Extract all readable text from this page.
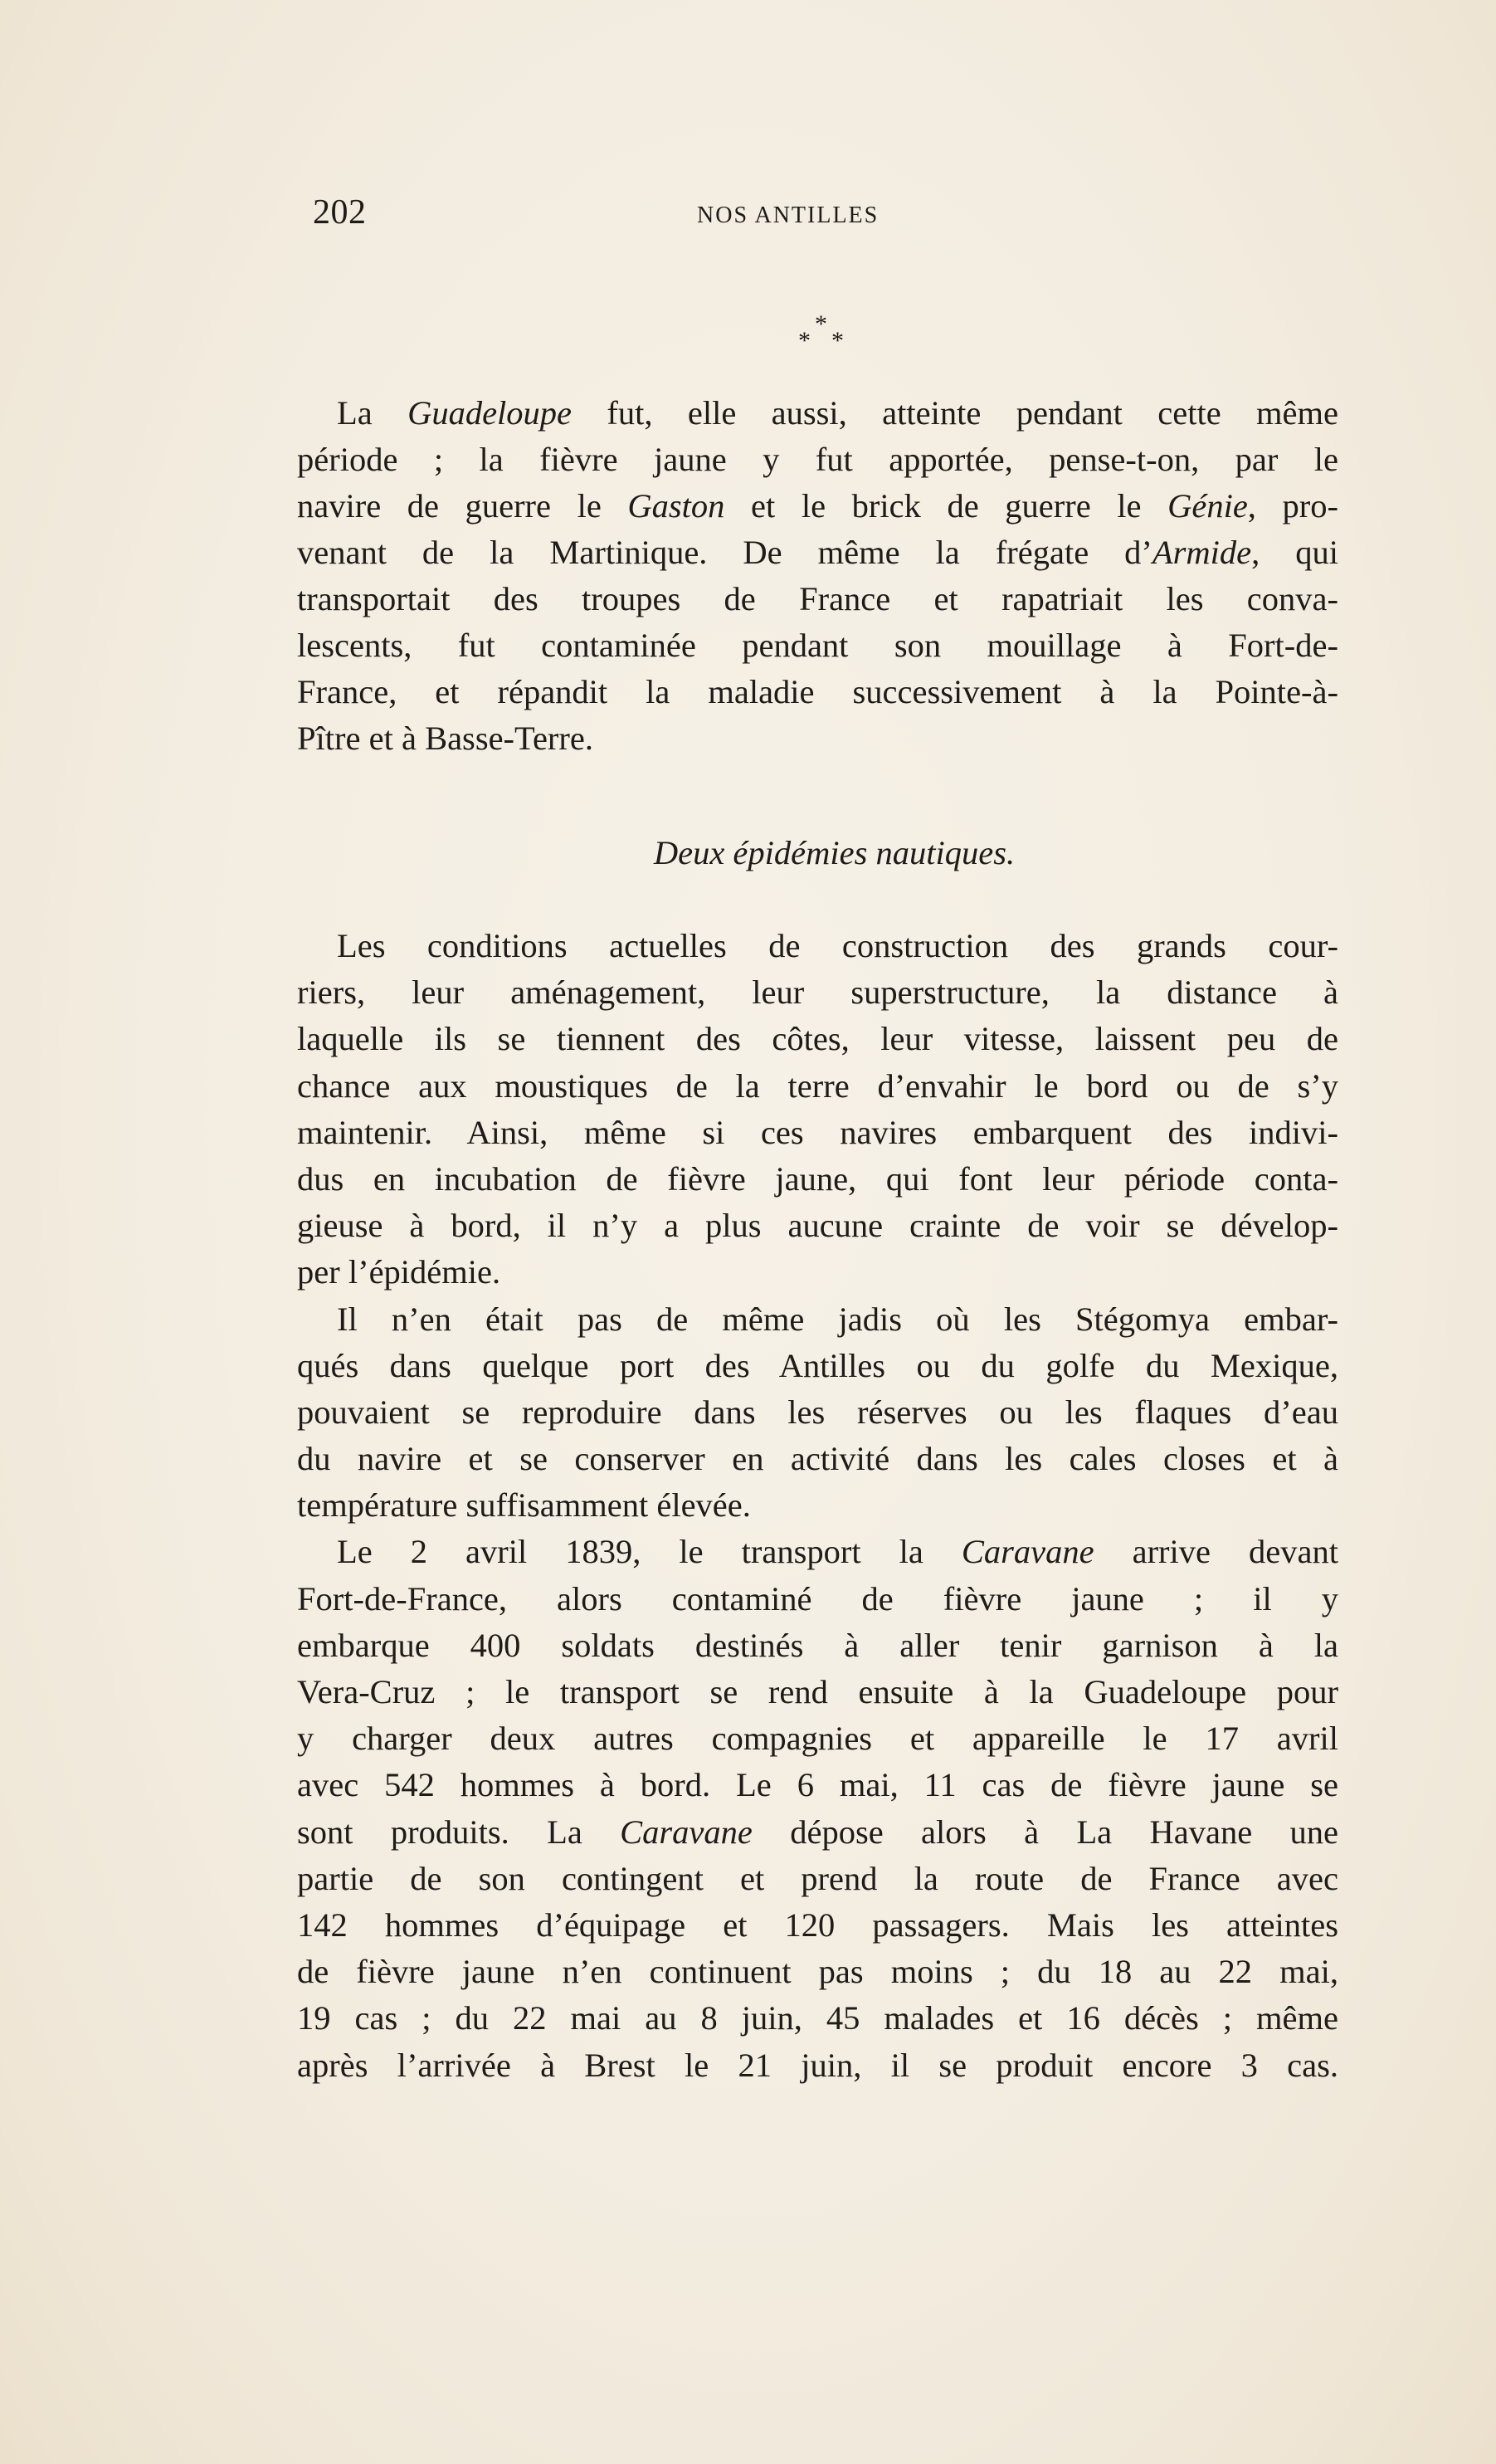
202	NOS ANTILLES
*
* *
La Guadeloupe fut, elle aussi, atteinte pendant cette même
période ; la fièvre jaune y fut apportée, pense-t-on, par le
navire de guerre le Gaston et le brick de guerre le Génie, pro-
venant de la Martinique. De même la frégate d’Armide, qui
transportait des troupes de France et rapatriait les conva-
lescents, fut contaminée pendant son mouillage à Fort-de-
France, et répandit la maladie successivement à la Pointe-à-
Pître et à Basse-Terre.
Deux épidémies nautiques.
Les conditions actuelles de construction des grands cour-
riers, leur aménagement, leur superstructure, la distance à
laquelle ils se tiennent des côtes, leur vitesse, laissent peu de
chance aux moustiques de la terre d’envahir le bord ou de s’y
maintenir. Ainsi, même si ces navires embarquent des indivi-
dus en incubation de fièvre jaune, qui font leur période conta-
gieuse à bord, il n’y a plus aucune crainte de voir se dévelop-
per l’épidémie.
Il n’en était pas de même jadis où les Stégomya embar-
qués dans quelque port des Antilles ou du golfe du Mexique,
pouvaient se reproduire dans les réserves ou les flaques d’eau
du navire et se conserver en activité dans les cales closes et à
température suffisamment élevée.
Le 2 avril 1839, le transport la Caravane arrive devant
Fort-de-France, alors contaminé de fièvre jaune ; il y
embarque 400 soldats destinés à aller tenir garnison à la
Vera-Cruz ; le transport se rend ensuite à la Guadeloupe pour
y charger deux autres compagnies et appareille le 17 avril
avec 542 hommes à bord. Le 6 mai, 11 cas de fièvre jaune se
sont produits. La Caravane dépose alors à La Havane une
partie de son contingent et prend la route de France avec
142 hommes d’équipage et 120 passagers. Mais les atteintes
de fièvre jaune n’en continuent pas moins ; du 18 au 22 mai,
19 cas ; du 22 mai au 8 juin, 45 malades et 16 décès ; même
après l’arrivée à Brest le 21 juin, il se produit encore 3 cas.
